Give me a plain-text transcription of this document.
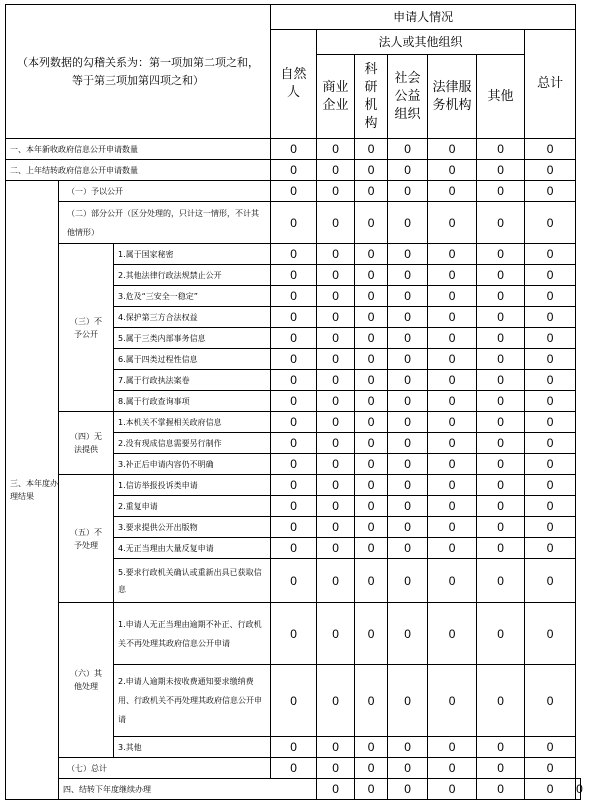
（本列数据的勾稽关系为：第一项加第二项之和，等于第三项加第四项之和）			申请人情况							
			自然人	法人或其他组织					总计	
				商业企业	科研机构	社会公益组织	法律服务机构	其他		
一、本年新收政府信息公开申请数量			0	0	0	0	0	0	0	
二、上年结转政府信息公开申请数量			0	0	0	0	0	0	0	
三、本年度办理结果	（一）予以公开		0	0	0	0	0	0	0	
	（二）部分公开（区分处理的，只计这一情形，不计其他情形）		0	0	0	0	0	0	0	
	（三）不予公开	1.属于国家秘密	0	0	0	0	0	0	0	
		2.其他法律行政法规禁止公开	0	0	0	0	0	0	0	
		3.危及“三安全一稳定”	0	0	0	0	0	0	0	
		4.保护第三方合法权益	0	0	0	0	0	0	0	
		5.属于三类内部事务信息	0	0	0	0	0	0	0	
		6.属于四类过程性信息	0	0	0	0	0	0	0	
		7.属于行政执法案卷	0	0	0	0	0	0	0	
		8.属于行政查询事项	0	0	0	0	0	0	0	
	（四）无法提供	1.本机关不掌握相关政府信息	0	0	0	0	0	0	0	
		2.没有现成信息需要另行制作	0	0	0	0	0	0	0	
		3.补正后申请内容仍不明确	0	0	0	0	0	0	0	
	（五）不予处理	1.信访举报投诉类申请	0	0	0	0	0	0	0	
		2.重复申请	0	0	0	0	0	0	0	
		3.要求提供公开出版物	0	0	0	0	0	0	0	
		4.无正当理由大量反复申请	0	0	0	0	0	0	0	
		5.要求行政机关确认或重新出具已获取信息	0	0	0	0	0	0	0	
	（六）其他处理	1.申请人无正当理由逾期不补正、行政机关不再处理其政府信息公开申请	0	0	0	0	0	0	0	
		2.申请人逾期未按收费通知要求缴纳费用、行政机关不再处理其政府信息公开申请	0	0	0	0	0	0	0	
		3.其他	0	0	0	0	0	0	0	
	（七）总计		0	0	0	0	0	0	0	
	四、结转下年度继续办理			0	0	0	0	0	0	0
